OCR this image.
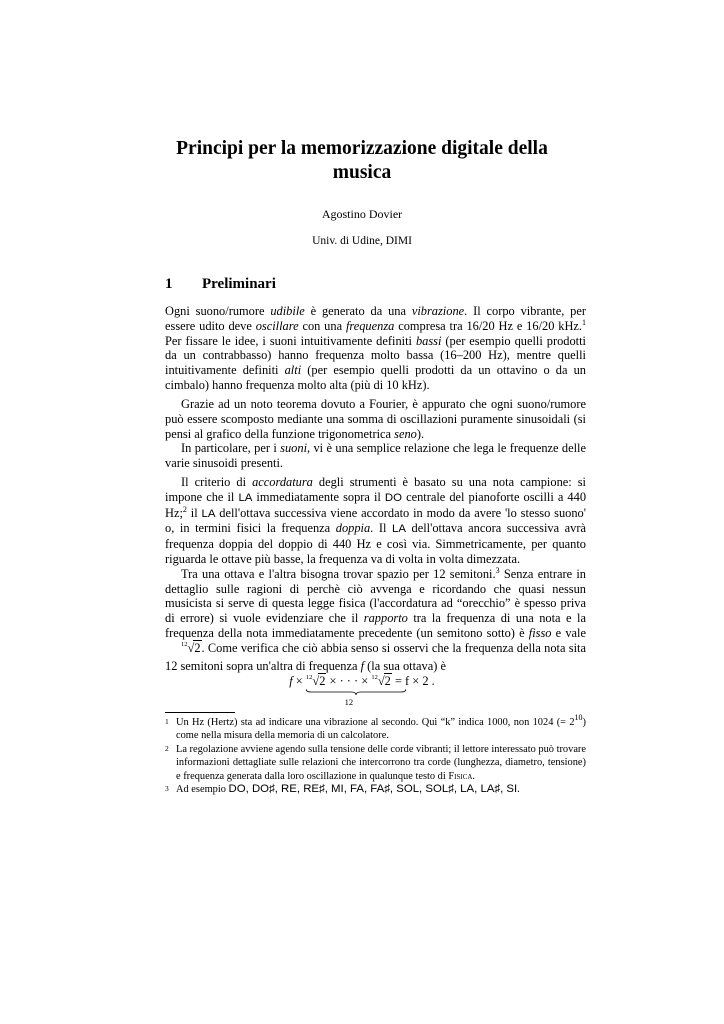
Principi per la memorizzazione digitale della
musica
Agostino Dovier
Univ. di Udine, DIMI
1 Preliminari

Ogni suono/rumore udibile è generato da una vibrazione. Il corpo vibrante, per essere udito deve oscillare con una frequenza compresa tra 16/20 Hz e 16/20 kHz.$^1$ Per fissare le idee, i suoni intuitivamente definiti bassi (per esempio quelli prodotti da un contrabbasso) hanno frequenza molto bassa (16–200 Hz), mentre quelli intuitivamente definiti alti (per esempio quelli prodotti da un ottavino o da un cimbalo) hanno frequenza molto alta (più di 10 kHz).

Grazie ad un noto teorema dovuto a Fourier, è appurato che ogni suono/rumore può essere scomposto mediante una somma di oscillazioni puramente sinusoidali (si pensi al grafico della funzione trigonometrica seno).

In particolare, per i suoni, vi è una semplice relazione che lega le frequenze delle varie sinusoidi presenti.

Il criterio di accordatura degli strumenti è basato su una nota campione: si impone che il LA immediatamente sopra il DO centrale del pianoforte oscilli a 440 Hz;$^2$ il LA dell'ottava successiva viene accordato in modo da avere 'lo stesso suono' o, in termini fisici la frequenza doppia. Il LA dell'ottava ancora successiva avrà frequenza doppia del doppio di 440 Hz e così via. Simmetricamente, per quanto riguarda le ottave più basse, la frequenza va di volta in volta dimezzata.

Tra una ottava e l'altra bisogna trovar spazio per 12 semitoni.$^3$ Senza entrare in dettaglio sulle ragioni di perchè ciò avvenga e ricordando che quasi nessun musicista si serve di questa legge fisica (l'accordatura ad “orecchio” è spesso priva di errore) si vuole evidenziare che il rapporto tra la frequenza di una nota e la frequenza della nota immediatamente precedente (un semitono sotto) è fisso e vale $^{12}$√2. Come verifica che ciò abbia senso si osservi che la frequenza della nota sita 12 semitoni sopra un'altra di frequenza f (la sua ottava) è

f × $^{12}$√2 × · · · × $^{12}$√2
12
= f × 2 .
1 Un Hz (Hertz) sta ad indicare una vibrazione al secondo. Qui “k” indica 1000, non 1024 (= $2^{10}$) come nella misura della memoria di un calcolatore.
2 La regolazione avviene agendo sulla tensione delle corde vibranti; il lettore interessato può trovare informazioni dettagliate sulle relazioni che intercorrono tra corde (lunghezza, diametro, tensione) e frequenza generata dalla loro oscillazione in qualunque testo di Fisica.
3 Ad esempio DO, DO♯, RE, RE♯, MI, FA, FA♯, SOL, SOL♯, LA, LA♯, SI.
